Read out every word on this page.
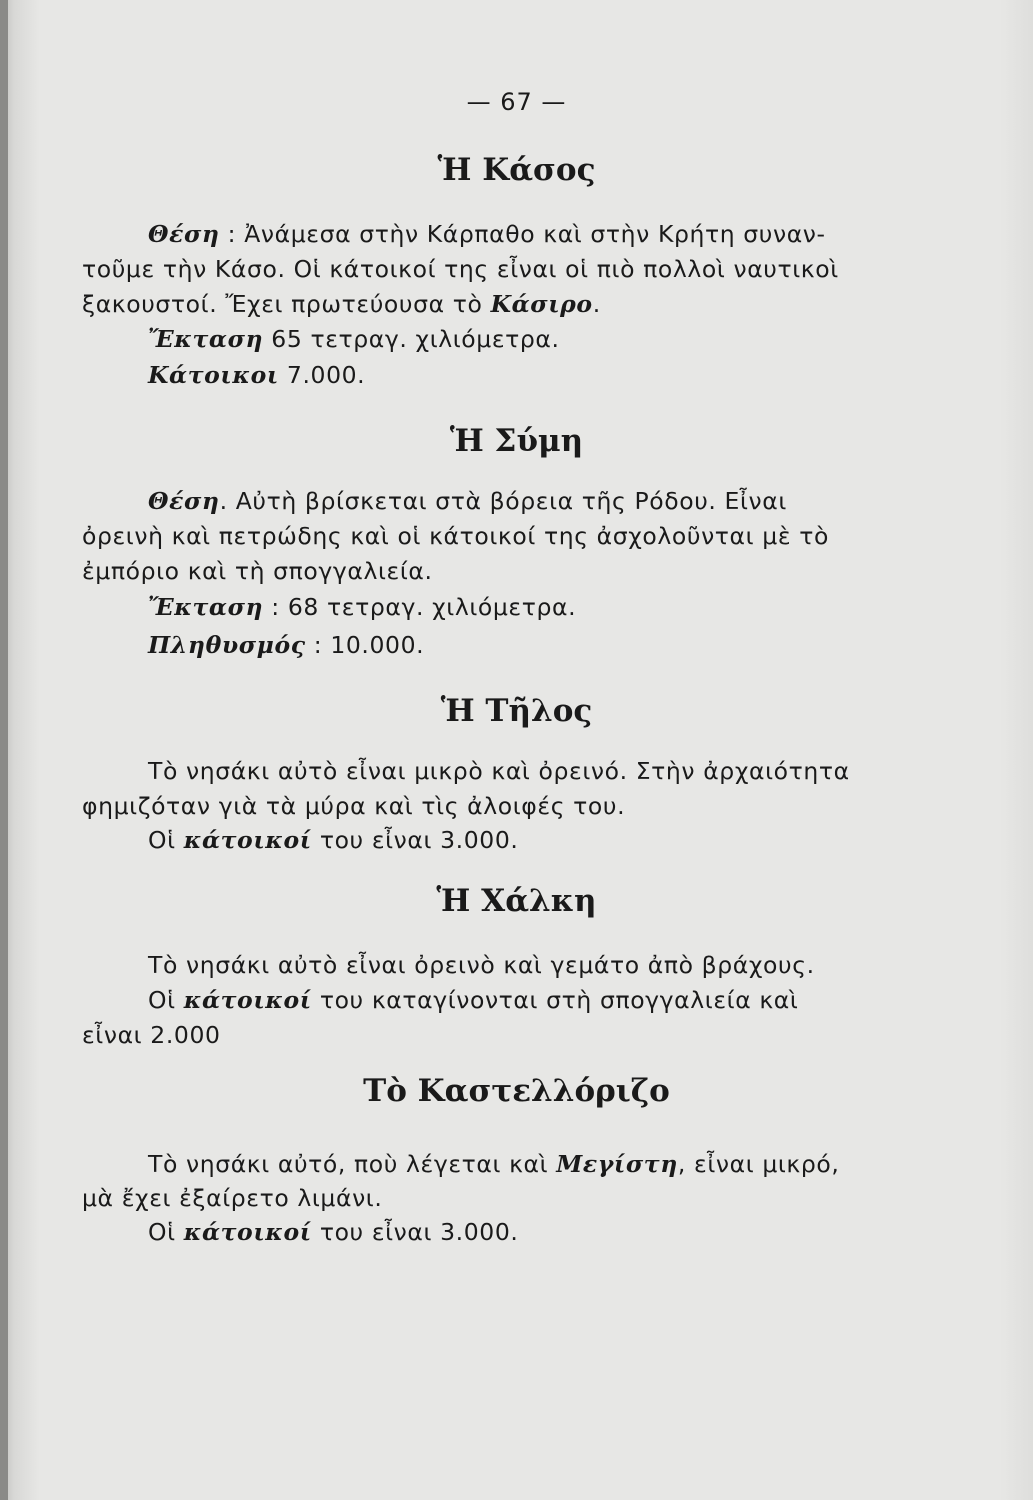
— 67 —
Ἡ Κάσος
Θέση : Ἀνάμεσα στὴν Κάρπαθο καὶ στὴν Κρήτη συναν-
τοῦμε τὴν Κάσο. Οἱ κάτοικοί της εἶναι οἱ πιὸ πολλοὶ ναυτικοὶ
ξακουστοί. Ἔχει πρωτεύουσα τὸ Κάσιρο.
Ἔκταση 65 τετραγ. χιλιόμετρα.
Κάτοικοι 7.000.
Ἡ Σύμη
Θέση. Αὐτὴ βρίσκεται στὰ βόρεια τῆς Ρόδου. Εἶναι
ὀρεινὴ καὶ πετρώδης καὶ οἱ κάτοικοί της ἀσχολοῦνται μὲ τὸ
ἐμπόριο καὶ τὴ σπογγαλιεία.
Ἔκταση : 68 τετραγ. χιλιόμετρα.
Πληθυσμός : 10.000.
Ἡ Τῆλος
Τὸ νησάκι αὐτὸ εἶναι μικρὸ καὶ ὀρεινό. Στὴν ἀρχαιότητα
φημιζόταν γιὰ τὰ μύρα καὶ τὶς ἀλοιφές του.
Οἱ κάτοικοί του εἶναι 3.000.
Ἡ Χάλκη
Τὸ νησάκι αὐτὸ εἶναι ὀρεινὸ καὶ γεμάτο ἀπὸ βράχους.
Οἱ κάτοικοί του καταγίνονται στὴ σπογγαλιεία καὶ
εἶναι 2.000
Τὸ Καστελλόριζο
Τὸ νησάκι αὐτό, ποὺ λέγεται καὶ Μεγίστη, εἶναι μικρό,
μὰ ἔχει ἐξαίρετο λιμάνι.
Οἱ κάτοικοί του εἶναι 3.000.
